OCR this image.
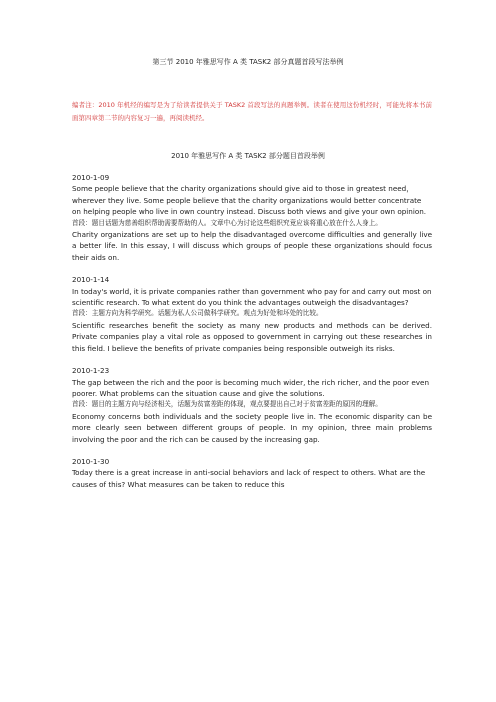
第三节 2010 年雅思写作 A 类 TASK2 部分真题首段写法举例
编者注：2010 年机经的编写是为了给读者提供关于 TASK2 首段写法的真题举例。读者在使用这份机经时，可能先将本书前面第四章第二节的内容复习一遍，再阅读机经。
2010 年雅思写作 A 类 TASK2 部分题目首段举例

2010-1-09

Some people believe that the charity organizations should give aid to those in greatest need，wherever they live. Some people believe that the charity organizations would better concentrate on helping people who live in own country instead. Discuss both views and give your own opinion.

首段：题目话题为慈善组织帮助需要帮助的人。文章中心为讨论这些组织究竟应该将重心放在什么人身上。

Charity organizations are set up to help the disadvantaged overcome difficulties and generally live a better life. In this essay, I will discuss which groups of people these organizations should focus their aids on.

2010-1-14

In today's world, it is private companies rather than government who pay for and carry out most on scientific research. To what extent do you think the advantages outweigh the disadvantages?

首段：主题方向为科学研究。话题为私人公司做科学研究。观点为好处和坏处的比较。

Scientific researches benefit the society as many new products and methods can be derived. Private companies play a vital role as opposed to government in carrying out these researches in this field. I believe the benefits of private companies being responsible outweigh its risks.

2010-1-23

The gap between the rich and the poor is becoming much wider, the rich richer, and the poor even poorer. What problems can the situation cause and give the solutions.

首段：题目的主题方向与经济相关，话题为贫富差距的体现，观点要提出自己对于贫富差距的原因的理解。

Economy concerns both individuals and the society people live in. The economic disparity can be more clearly seen between different groups of people. In my opinion, three main problems involving the poor and the rich can be caused by the increasing gap.

2010-1-30

Today there is a great increase in anti-social behaviors and lack of respect to others. What are the causes of this? What measures can be taken to reduce this
